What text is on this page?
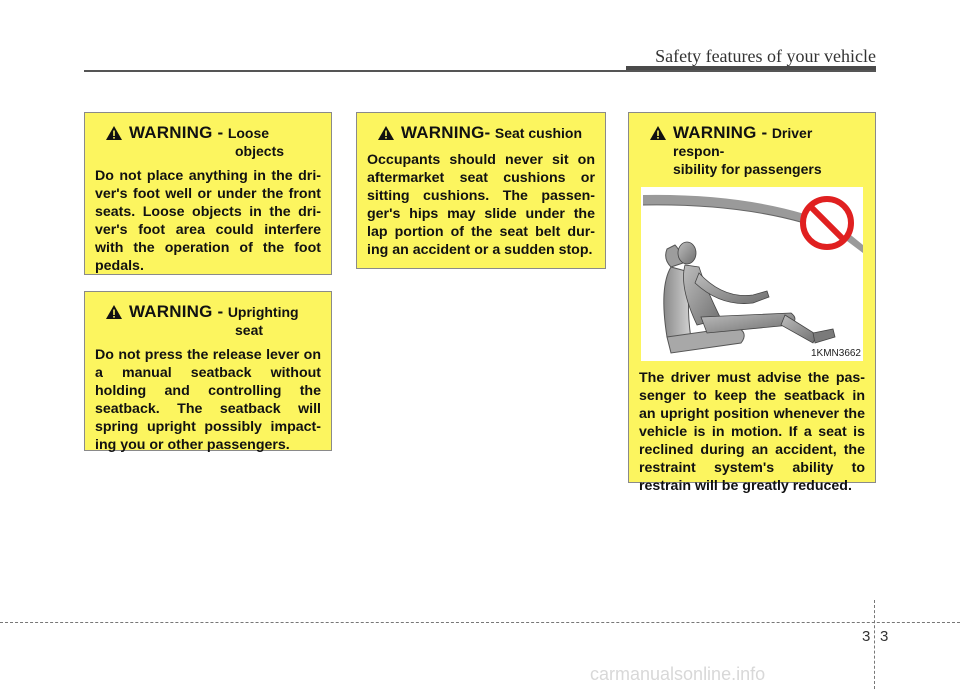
Safety features of your vehicle
WARNING - Loose
objects
Do not place anything in the dri-ver's foot well or under the front seats. Loose objects in the dri-ver's foot area could interfere with the operation of the foot pedals.
WARNING - Uprighting
seat
Do not press the release lever on a manual seatback without holding and controlling the seatback. The seatback will spring upright possibly impact-ing you or other passengers.
WARNING- Seat cushion
Occupants should never sit on aftermarket seat cushions or sitting cushions. The passen-ger's hips may slide under the lap portion of the seat belt dur-ing an accident or a sudden stop.
WARNING - Driver respon-
sibility for passengers
1KMN3662
The driver must advise the pas-senger to keep the seatback in an upright position whenever the vehicle is in motion. If a seat is reclined during an accident, the restraint system's ability to restrain will be greatly reduced.
3 3
carmanualsonline.info
